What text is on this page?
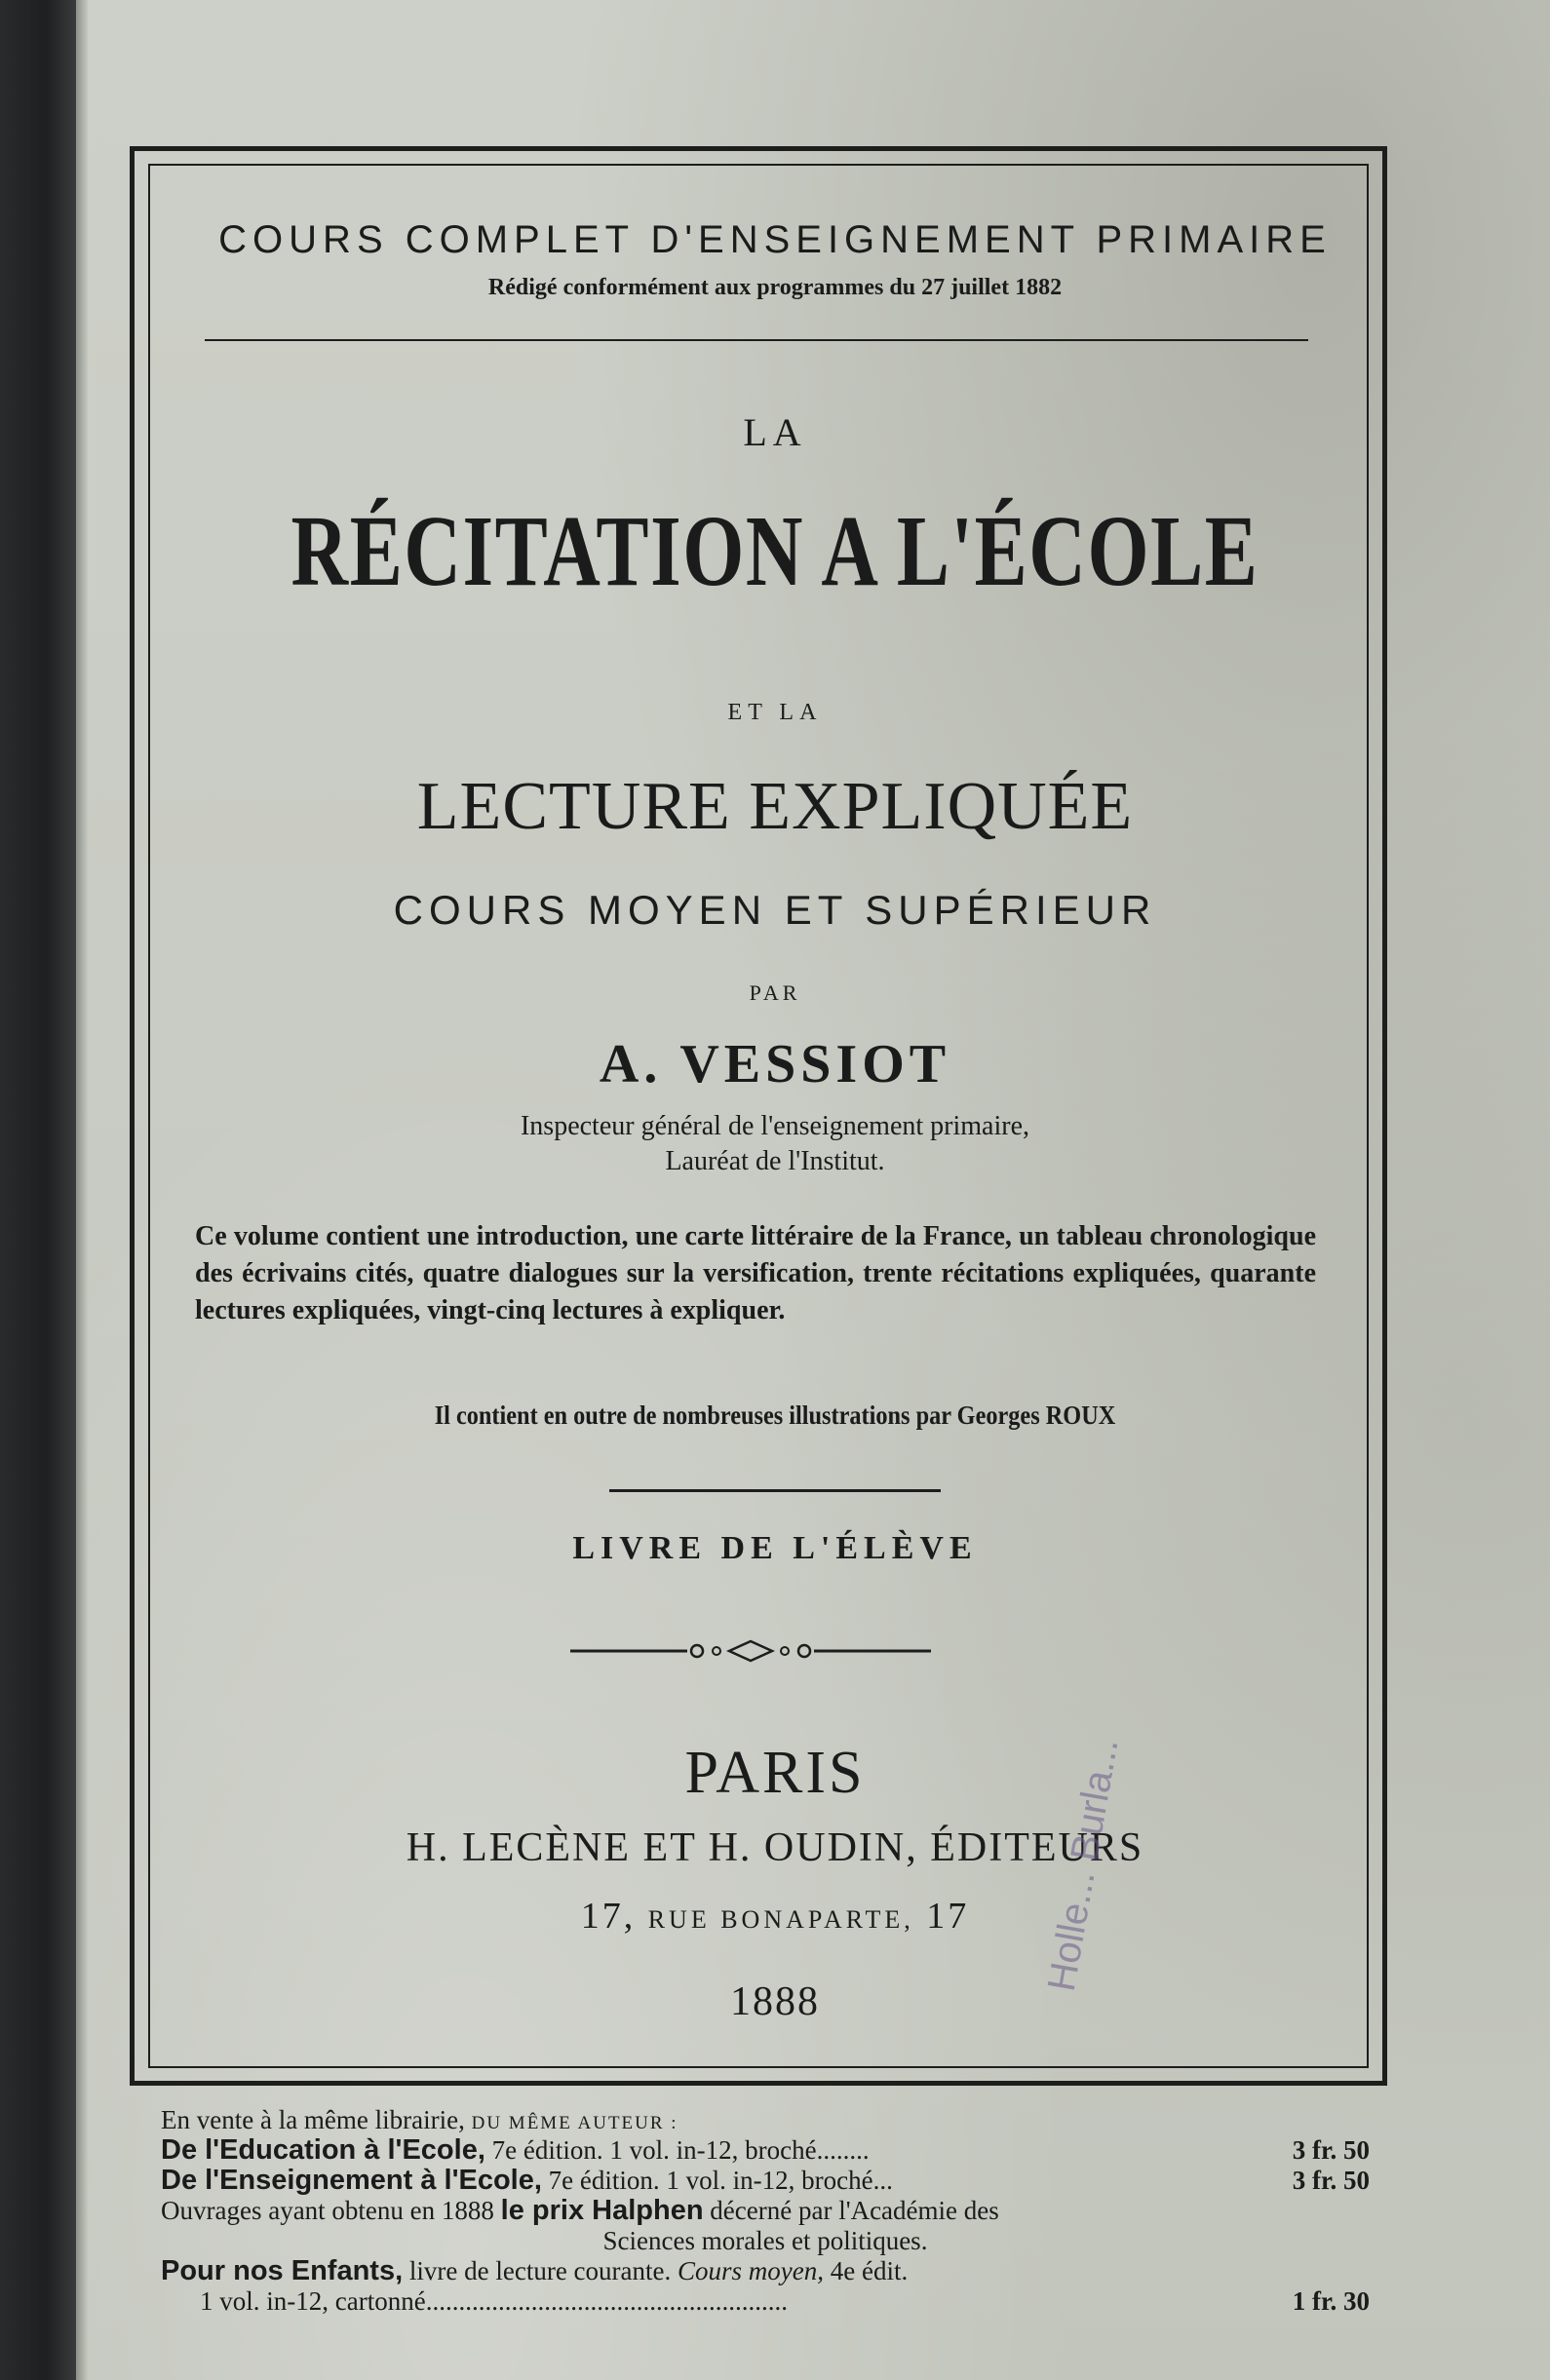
COURS COMPLET D'ENSEIGNEMENT PRIMAIRE
Rédigé conformément aux programmes du 27 juillet 1882
LA
RÉCITATION A L'ÉCOLE
ET LA
LECTURE EXPLIQUÉE
COURS MOYEN ET SUPÉRIEUR
PAR
A. VESSIOT
Inspecteur général de l'enseignement primaire,
Lauréat de l'Institut.
Ce volume contient une introduction, une carte littéraire de la France, un tableau chronologique des écrivains cités, quatre dialogues sur la versification, trente récitations expliquées, quarante lectures expliquées, vingt-cinq lectures à expliquer.
Il contient en outre de nombreuses illustrations par Georges ROUX
LIVRE DE L'ÉLÈVE
PARIS
H. LECÈNE ET H. OUDIN, ÉDITEURS
17, RUE BONAPARTE, 17
1888
Holle... Burla...
En vente à la même librairie, DU MÊME AUTEUR :
De l'Education à l'Ecole, 7e édition. 1 vol. in-12, broché........	3 fr. 50
De l'Enseignement à l'Ecole, 7e édition. 1 vol. in-12, broché...	3 fr. 50
Ouvrages ayant obtenu en 1888 le prix Halphen décerné par l'Académie des
Sciences morales et politiques.
Pour nos Enfants, livre de lecture courante. Cours moyen, 4e édit.
1 vol. in-12, cartonné.......................................................	1 fr. 30
